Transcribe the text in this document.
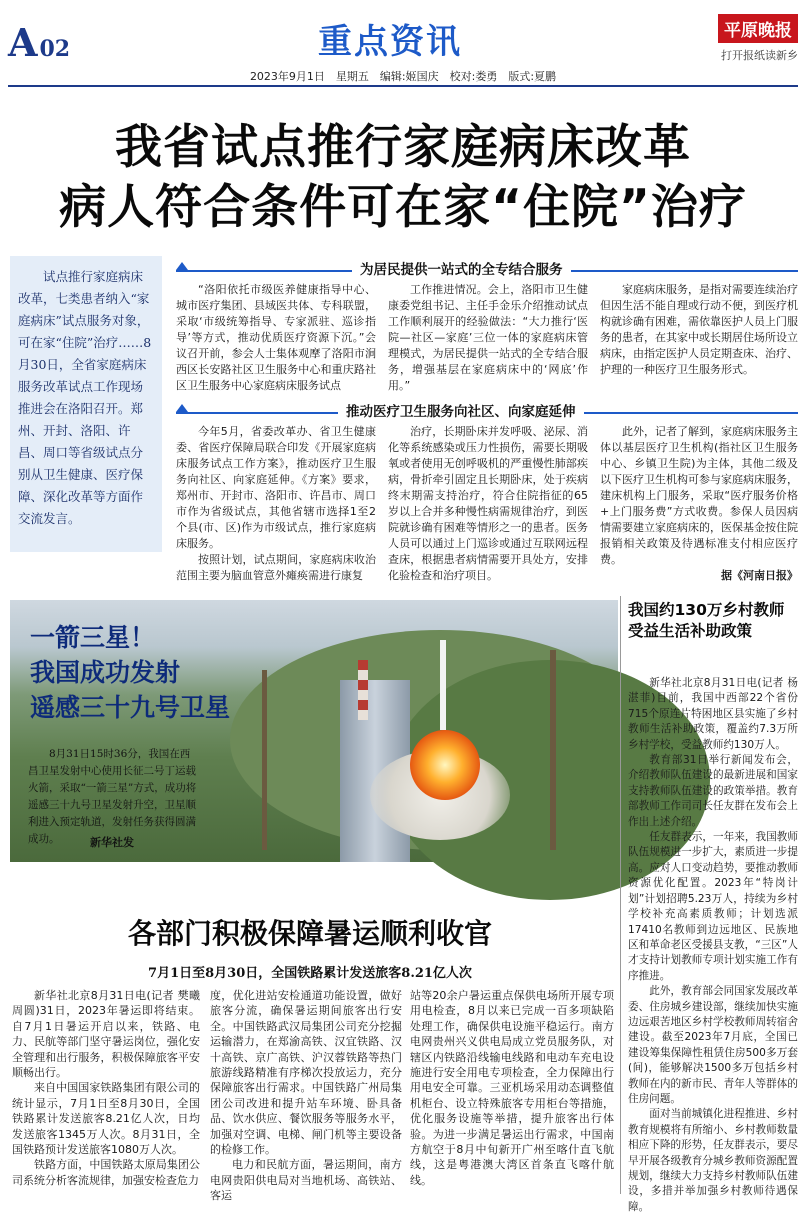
A02	重点资讯	平原晚报
打开报纸读新乡
2023年9月1日　星期五　编辑:姬国庆　校对:娄勇　版式:夏鹏
我省试点推行家庭病床改革
病人符合条件可在家“住院”治疗
试点推行家庭病床改革，七类患者纳入“家庭病床”试点服务对象，可在家“住院”治疗……8月30日，全省家庭病床服务改革试点工作现场推进会在洛阳召开。郑州、开封、洛阳、许昌、周口等省级试点分别从卫生健康、医疗保障、深化改革等方面作交流发言。
为居民提供一站式的全专结合服务

“洛阳依托市级医养健康指导中心、城市医疗集团、县域医共体、专科联盟，采取‘市级统筹指导、专家派驻、巡诊指导’等方式，推动优质医疗资源下沉。”会议召开前，参会人士集体观摩了洛阳市涧西区长安路社区卫生服务中心和重庆路社区卫生服务中心家庭病床服务试点

工作推进情况。会上，洛阳市卫生健康委党组书记、主任手金乐介绍推动试点工作顺利展开的经验做法：“大力推行‘医院—社区—家庭’三位一体的家庭病床管理模式，为居民提供一站式的全专结合服务，增强基层在家庭病床中的‘网底’作用。”

家庭病床服务，是指对需要连续治疗但因生活不能自理或行动不便，到医疗机构就诊确有困难，需依靠医护人员上门服务的患者，在其家中或长期居住场所设立病床，由指定医护人员定期查床、治疗、护理的一种医疗卫生服务形式。

推动医疗卫生服务向社区、向家庭延伸

今年5月，省委改革办、省卫生健康委、省医疗保障局联合印发《开展家庭病床服务试点工作方案》，推动医疗卫生服务向社区、向家庭延伸。《方案》要求，郑州市、开封市、洛阳市、许昌市、周口市作为省级试点，其他省辖市选择1至2个县(市、区)作为市级试点，推行家庭病床服务。

按照计划，试点期间，家庭病床收治范围主要为脑血管意外瘫痪需进行康复

治疗，长期卧床并发呼吸、泌尿、消化等系统感染或压力性损伤，需要长期吸氧或者使用无创呼吸机的严重慢性肺部疾病，骨折牵引固定且长期卧床，处于疾病终末期需支持治疗，符合住院指征的65岁以上合并多种慢性病需规律治疗，到医院就诊确有困难等情形之一的患者。医务人员可以通过上门巡诊或通过互联网远程查床，根据患者病情需要开具处方，安排化验检查和治疗项目。

此外，记者了解到，家庭病床服务主体以基层医疗卫生机构(指社区卫生服务中心、乡镇卫生院)为主体，其他二级及以下医疗卫生机构可参与家庭病床服务，建床机构上门服务，采取“医疗服务价格+上门服务费”方式收费。参保人员因病情需要建立家庭病床的，医保基金按住院报销相关政策及待遇标准支付相应医疗费。

据《河南日报》

一箭三星！
我国成功发射
遥感三十九号卫星
8月31日15时36分，我国在西昌卫星发射中心使用长征二号丁运载火箭，采取“一箭三星”方式，成功将遥感三十九号卫星发射升空，卫星顺利进入预定轨道，发射任务获得圆满成功。	新华社发
我国约130万乡村教师受益生活补助政策

新华社北京8月31日电(记者 杨湛菲)目前，我国中西部22个省份715个原连片特困地区县实施了乡村教师生活补助政策，覆盖约7.3万所乡村学校，受益教师约130万人。

教育部31日举行新闻发布会，介绍教师队伍建设的最新进展和国家支持教师队伍建设的政策举措。教育部教师工作司司长任友群在发布会上作出上述介绍。

任友群表示，一年来，我国教师队伍规模进一步扩大，素质进一步提高。应对人口变动趋势，要推动教师资源优化配置。2023年“特岗计划”计划招聘5.23万人，持续为乡村学校补充高素质教师；计划选派17410名教师到边远地区、民族地区和革命老区受援县支教，“三区”人才支持计划教师专项计划实施工作有序推进。

此外，教育部会同国家发展改革委、住房城乡建设部，继续加快实施边远艰苦地区乡村学校教师周转宿舍建设。截至2023年7月底，全国已建设筹集保障性租赁住房500多万套(间)，能够解决1500多万包括乡村教师在内的新市民、青年人等群体的住房问题。

面对当前城镇化进程推进、乡村教育规模将有所缩小、乡村教师数量相应下降的形势，任友群表示，要尽早开展各级教育分城乡教师资源配置规划，继续大力支持乡村教师队伍建设，多措并举加强乡村教师待遇保障。

各部门积极保障暑运顺利收官
7月1日至8月30日，全国铁路累计发送旅客8.21亿人次

新华社北京8月31日电(记者 樊曦 周圆)31日，2023年暑运即将结束。自7月1日暑运开启以来，铁路、电力、民航等部门坚守暑运岗位，强化安全管理和出行服务，积极保障旅客平安顺畅出行。

来自中国国家铁路集团有限公司的统计显示，7月1日至8月30日，全国铁路累计发送旅客8.21亿人次，日均发送旅客1345万人次。8月31日，全国铁路预计发送旅客1080万人次。

铁路方面，中国铁路太原局集团公司系统分析客流规律，加强安检查危力

度，优化进站安检通道功能设置，做好旅客分流，确保暑运期间旅客出行安全。中国铁路武汉局集团公司充分挖掘运输潜力，在郑渝高铁、汉宜铁路、汉十高铁、京广高铁、沪汉蓉铁路等热门旅游线路精准有序梯次投放运力，充分保障旅客出行需求。中国铁路广州局集团公司改进和提升站车环境、卧具备品、饮水供应、餐饮服务等服务水平，加强对空调、电梯、闸门机等主要设备的检修工作。

电力和民航方面，暑运期间，南方电网贵阳供电局对当地机场、高铁站、客运

站等20余户暑运重点保供电场所开展专项用电检查，8月以来已完成一百多项缺陷处理工作，确保供电设施平稳运行。南方电网贵州兴义供电局成立党员服务队，对辖区内铁路沿线输电线路和电动车充电设施进行安全用电专项检查，全力保障出行用电安全可靠。三亚机场采用动态调整值机柜台、设立特殊旅客专用柜台等措施，优化服务设施等举措，提升旅客出行体验。为进一步满足暑运出行需求，中国南方航空于8月中旬新开广州至喀什直飞航线，这是粤港澳大湾区首条直飞喀什航线。
